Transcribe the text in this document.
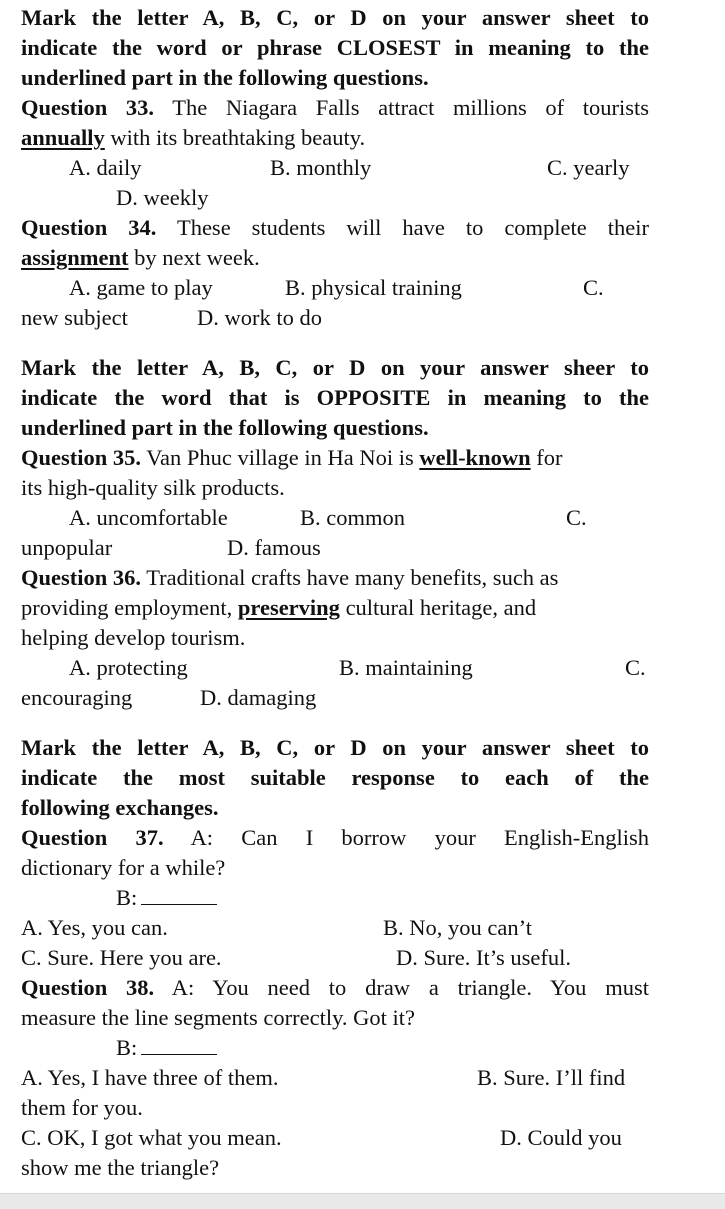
Mark the letter A, B, C, or D on your answer sheet to
indicate the word or phrase CLOSEST in meaning to the
underlined part in the following questions.
Question 33. The Niagara Falls attract millions of tourists
annually with its breathtaking beauty.
A. daily	B. monthly	C. yearly
D. weekly
Question 34. These students will have to complete their
assignment by next week.
A. game to play	B. physical training	C.
new subject	D. work to do
Mark the letter A, B, C, or D on your answer sheer to
indicate the word that is OPPOSITE in meaning to the
underlined part in the following questions.
Question 35. Van Phuc village in Ha Noi is well-known for
its high-quality silk products.
A. uncomfortable	B. common	C.
unpopular	D. famous
Question 36. Traditional crafts have many benefits, such as
providing employment, preserving cultural heritage, and
helping develop tourism.
A. protecting	B. maintaining	C.
encouraging	D. damaging
Mark the letter A, B, C, or D on your answer sheet to
indicate the most suitable response to each of the
following exchanges.
Question 37. A: Can I borrow your English-English
dictionary for a while?
B:
A. Yes, you can.	B. No, you can’t
C. Sure. Here you are.	D. Sure. It’s useful.
Question 38. A: You need to draw a triangle. You must
measure the line segments correctly. Got it?
B:
A. Yes, I have three of them.	B. Sure. I’ll find
them for you.
C. OK, I got what you mean.	D. Could you
show me the triangle?
